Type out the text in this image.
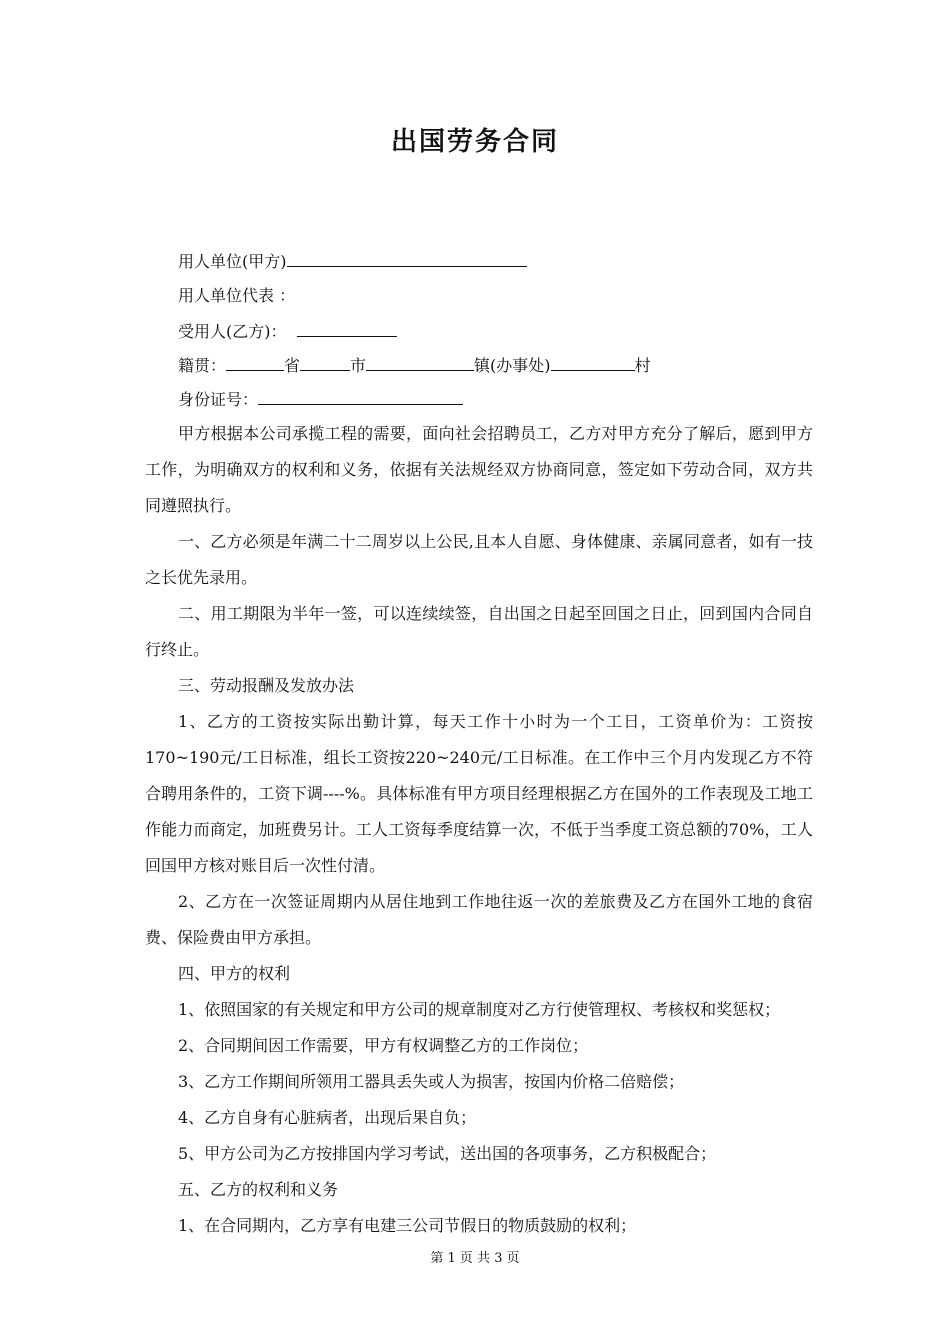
出国劳务合同
用人单位(甲方)
用人单位代表 ：
受用人(乙方)：
籍贯：	省	市	镇(办事处)	村
身份证号：
甲方根据本公司承揽工程的需要，面向社会招聘员工，乙方对甲方充分了解后，愿到甲方工作，为明确双方的权利和义务，依据有关法规经双方协商同意，签定如下劳动合同，双方共同遵照执行。
一、乙方必须是年满二十二周岁以上公民,且本人自愿、身体健康、亲属同意者，如有一技之长优先录用。
二、用工期限为半年一签，可以连续续签，自出国之日起至回国之日止，回到国内合同自行终止。
三、劳动报酬及发放办法
1、乙方的工资按实际出勤计算，每天工作十小时为一个工日，工资单价为：工资按170~190元/工日标准，组长工资按220~240元/工日标准。在工作中三个月内发现乙方不符合聘用条件的，工资下调----%。具体标准有甲方项目经理根据乙方在国外的工作表现及工地工作能力而商定，加班费另计。工人工资每季度结算一次，不低于当季度工资总额的70%，工人回国甲方核对账目后一次性付清。
2、乙方在一次签证周期内从居住地到工作地往返一次的差旅费及乙方在国外工地的食宿费、保险费由甲方承担。
四、甲方的权利
1、依照国家的有关规定和甲方公司的规章制度对乙方行使管理权、考核权和奖惩权；
2、合同期间因工作需要，甲方有权调整乙方的工作岗位；
3、乙方工作期间所领用工器具丢失或人为损害，按国内价格二倍赔偿；
4、乙方自身有心脏病者，出现后果自负；
5、甲方公司为乙方按排国内学习考试，送出国的各项事务，乙方积极配合；
五、乙方的权利和义务
1、在合同期内，乙方享有电建三公司节假日的物质鼓励的权利；
第 1 页 共 3 页
